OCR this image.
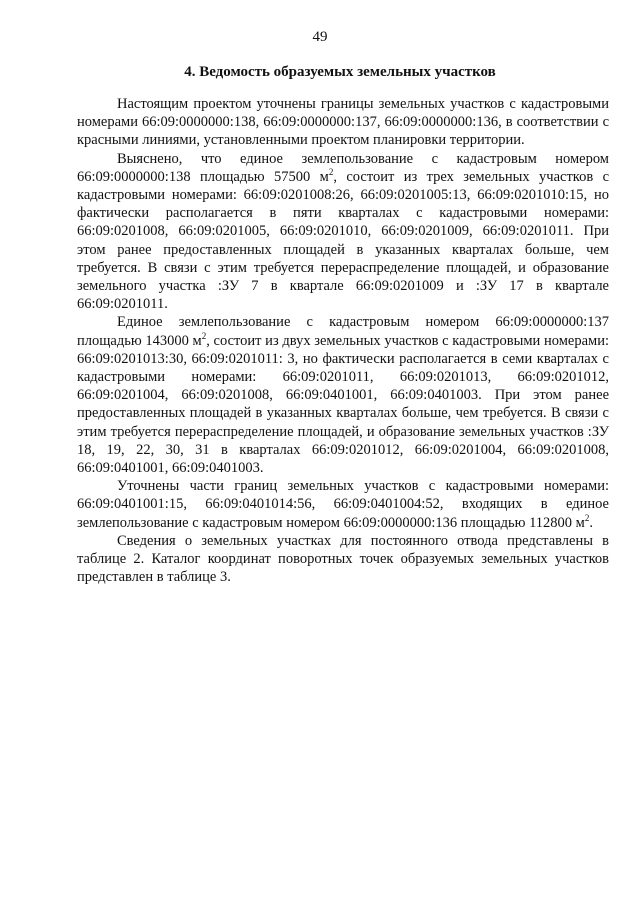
49
4. Ведомость образуемых земельных участков

Настоящим проектом уточнены границы земельных участков с кадастровыми номерами 66:09:0000000:138, 66:09:0000000:137, 66:09:0000000:136, в соответствии с красными линиями, установленными проектом планировки территории.

Выяснено, что единое землепользование с кадастровым номером 66:09:0000000:138 площадью 57500 $м^2$, состоит из трех земельных участков с кадастровыми номерами: 66:09:0201008:26, 66:09:0201005:13, 66:09:0201010:15, но фактически располагается в пяти кварталах с кадастровыми номерами: 66:09:0201008, 66:09:0201005, 66:09:0201010, 66:09:0201009, 66:09:0201011. При этом ранее предоставленных площадей в указанных кварталах больше, чем требуется. В связи с этим требуется перераспределение площадей, и образование земельного участка :ЗУ 7 в квартале 66:09:0201009 и :ЗУ 17 в квартале 66:09:0201011.

Единое землепользование с кадастровым номером 66:09:0000000:137 площадью 143000 $м^2$, состоит из двух земельных участков с кадастровыми номерами: 66:09:0201013:30, 66:09:0201011: 3, но фактически располагается в семи кварталах с кадастровыми номерами: 66:09:0201011, 66:09:0201013, 66:09:0201012, 66:09:0201004, 66:09:0201008, 66:09:0401001, 66:09:0401003. При этом ранее предоставленных площадей в указанных кварталах больше, чем требуется. В связи с этим требуется перераспределение площадей, и образование земельных участков :ЗУ 18, 19, 22, 30, 31 в кварталах 66:09:0201012, 66:09:0201004, 66:09:0201008, 66:09:0401001, 66:09:0401003.

Уточнены части границ земельных участков с кадастровыми номерами: 66:09:0401001:15, 66:09:0401014:56, 66:09:0401004:52, входящих в единое землепользование с кадастровым номером 66:09:0000000:136 площадью 112800 $м^2$.

Сведения о земельных участках для постоянного отвода представлены в таблице 2. Каталог координат поворотных точек образуемых земельных участков представлен в таблице 3.
